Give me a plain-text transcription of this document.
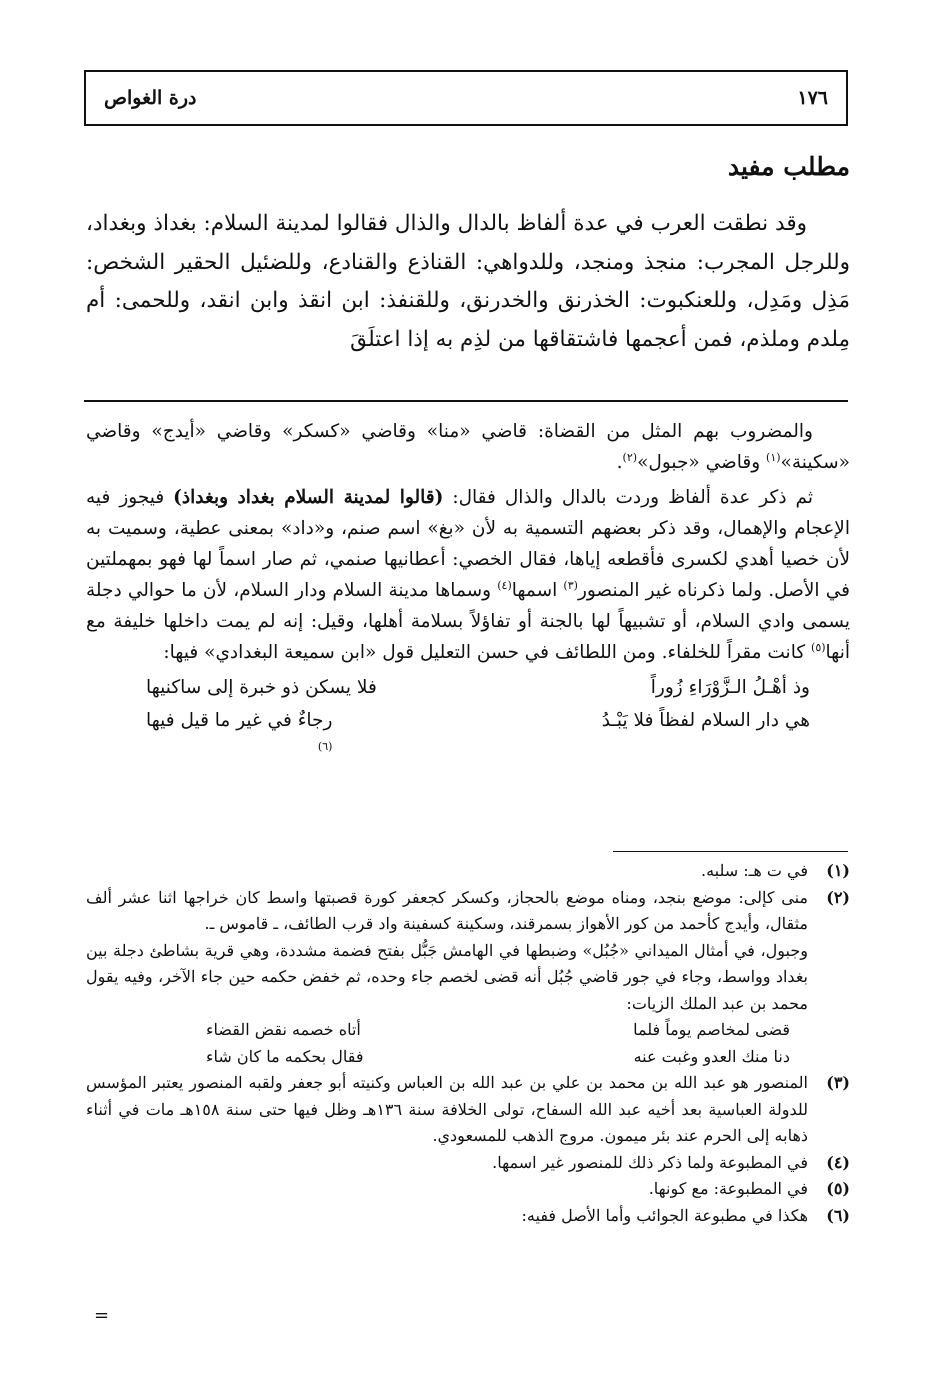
١٧٦
درة الغواص
مطلب مفيد

وقد نطقت العرب في عدة ألفاظ بالدال والذال فقالوا لمدينة السلام: بغداذ وبغداد، وللرجل المجرب: منجذ ومنجد، وللدواهي: القناذع والقنادع، وللضئيل الحقير الشخص: مَذِل ومَدِل، وللعنكبوت: الخذرنق والخدرنق، وللقنفذ: ابن انقذ وابن انقد، وللحمى: أم مِلدم وملذم، فمن أعجمها فاشتقاقها من لذِم به إذا اعتلَقَ

والمضروب بهم المثل من القضاة: قاضي «منا» وقاضي «كسكر» وقاضي «أيدج» وقاضي «سكينة»$^{(١)}$ وقاضي «جبول»$^{(٢)}$.

ثم ذكر عدة ألفاظ وردت بالدال والذال فقال: (قالوا لمدينة السلام بغداد وبغداذ) فيجوز فيه الإعجام والإهمال، وقد ذكر بعضهم التسمية به لأن «بغ» اسم صنم، و«داد» بمعنى عطية، وسميت به لأن خصيا أهدي لكسرى فأقطعه إياها، فقال الخصي: أعطانيها صنمي، ثم صار اسماً لها فهو بمهملتين في الأصل. ولما ذكرناه غير المنصور$^{(٣)}$ اسمها$^{(٤)}$ وسماها مدينة السلام ودار السلام، لأن ما حوالي دجلة يسمى وادي السلام، أو تشبيهاً لها بالجنة أو تفاؤلاً بسلامة أهلها، وقيل: إنه لم يمت داخلها خليفة مع أنها$^{(٥)}$ كانت مقراً للخلفاء. ومن اللطائف في حسن التعليل قول «ابن سميعة البغدادي» فيها:

وذ أهْـلُ الـزَّوْرَاءِ زُوراً
فلا يسكن ذو خبرة إلى ساكنيها
هي دار السلام لفظاً فلا يَبْـدُ
رجاءٌ في غير ما قيل فيها
$^{(٦)}$
(١)
في ت هـ: سلبه.
(٢)
منى كإلى: موضع بنجد، ومناه موضع بالحجاز، وكسكر كجعفر كورة قصبتها واسط كان خراجها اثنا عشر ألف مثقال، وأيدج كأحمد من كور الأهواز بسمرقند، وسكينة كسفينة واد قرب الطائف، ـ قاموس ـ.
وجبول، في أمثال الميداني «جُبُل» وضبطها في الهامش جَبُّل بفتح فضمة مشددة، وهي قرية بشاطئ دجلة بين بغداد وواسط، وجاء في جور قاضي جُبُل أنه قضى لخصم جاء وحده، ثم خفض حكمه حين جاء الآخر، وفيه يقول محمد بن عبد الملك الزيات:
قضى لمخاصم يوماً فلما
أتاه خصمه نقض القضاء
دنا منك العدو وغبت عنه
فقال بحكمه ما كان شاء
(٣)
المنصور هو عبد الله بن محمد بن علي بن عبد الله بن العباس وكنيته أبو جعفر ولقبه المنصور يعتبر المؤسس للدولة العباسية بعد أخيه عبد الله السفاح، تولى الخلافة سنة ١٣٦هـ وظل فيها حتى سنة ١٥٨هـ مات في أثناء ذهابه إلى الحرم عند بئر ميمون. مروج الذهب للمسعودي.
(٤)
في المطبوعة ولما ذكر ذلك للمنصور غير اسمها.
(٥)
في المطبوعة: مع كونها.
(٦)
هكذا في مطبوعة الجوائب وأما الأصل ففيه:
=
